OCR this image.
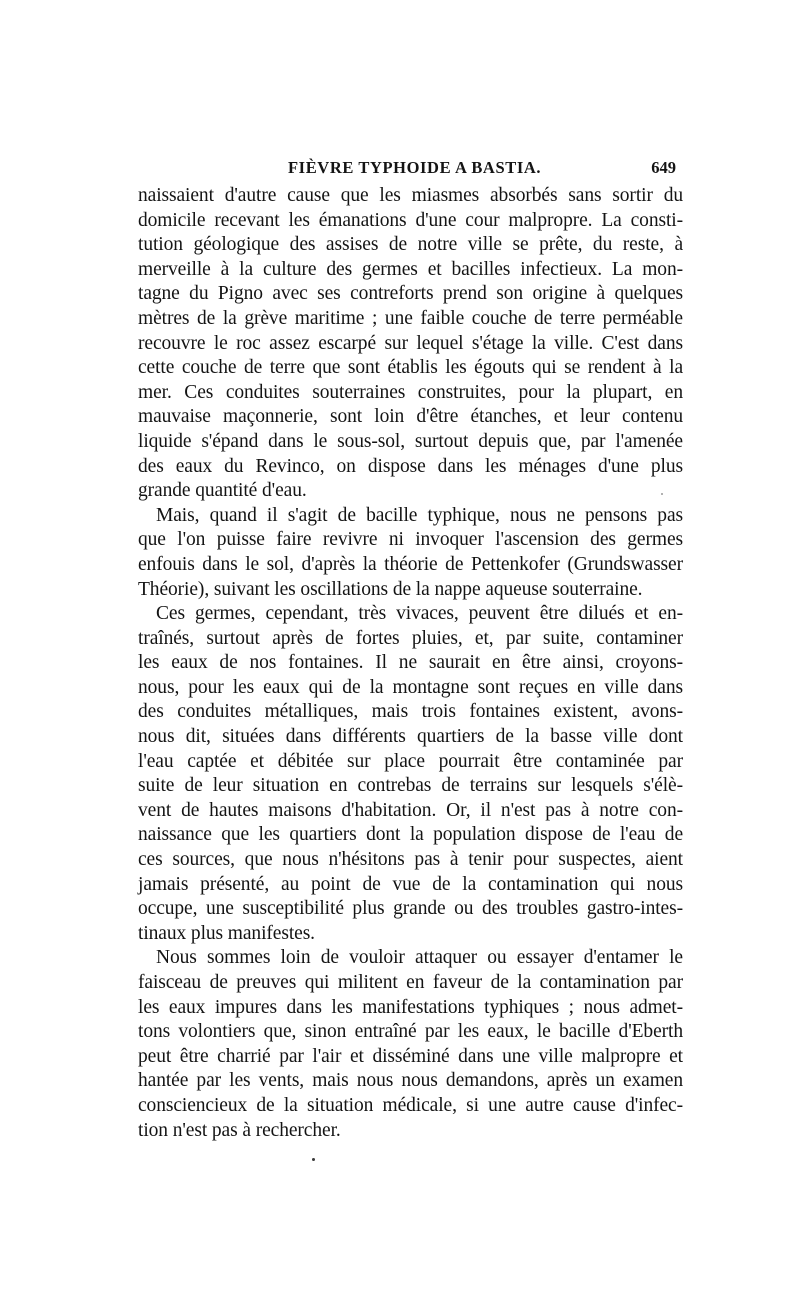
FIÈVRE TYPHOIDE A BASTIA.	649
naissaient d'autre cause que les miasmes absorbés sans sortir du
domicile recevant les émanations d'une cour malpropre. La consti-
tution géologique des assises de notre ville se prête, du reste, à
merveille à la culture des germes et bacilles infectieux. La mon-
tagne du Pigno avec ses contreforts prend son origine à quelques
mètres de la grève maritime ; une faible couche de terre perméable
recouvre le roc assez escarpé sur lequel s'étage la ville. C'est dans
cette couche de terre que sont établis les égouts qui se rendent à la
mer. Ces conduites souterraines construites, pour la plupart, en
mauvaise maçonnerie, sont loin d'être étanches, et leur contenu
liquide s'épand dans le sous-sol, surtout depuis que, par l'amenée
des eaux du Revinco, on dispose dans les ménages d'une plus
grande quantité d'eau.
Mais, quand il s'agit de bacille typhique, nous ne pensons pas
que l'on puisse faire revivre ni invoquer l'ascension des germes
enfouis dans le sol, d'après la théorie de Pettenkofer (Grundswasser
Théorie), suivant les oscillations de la nappe aqueuse souterraine.
Ces germes, cependant, très vivaces, peuvent être dilués et en-
traînés, surtout après de fortes pluies, et, par suite, contaminer
les eaux de nos fontaines. Il ne saurait en être ainsi, croyons-
nous, pour les eaux qui de la montagne sont reçues en ville dans
des conduites métalliques, mais trois fontaines existent, avons-
nous dit, situées dans différents quartiers de la basse ville dont
l'eau captée et débitée sur place pourrait être contaminée par
suite de leur situation en contrebas de terrains sur lesquels s'élè-
vent de hautes maisons d'habitation. Or, il n'est pas à notre con-
naissance que les quartiers dont la population dispose de l'eau de
ces sources, que nous n'hésitons pas à tenir pour suspectes, aient
jamais présenté, au point de vue de la contamination qui nous
occupe, une susceptibilité plus grande ou des troubles gastro-intes-
tinaux plus manifestes.
Nous sommes loin de vouloir attaquer ou essayer d'entamer le
faisceau de preuves qui militent en faveur de la contamination par
les eaux impures dans les manifestations typhiques ; nous admet-
tons volontiers que, sinon entraîné par les eaux, le bacille d'Eberth
peut être charrié par l'air et disséminé dans une ville malpropre et
hantée par les vents, mais nous nous demandons, après un examen
consciencieux de la situation médicale, si une autre cause d'infec-
tion n'est pas à rechercher.
